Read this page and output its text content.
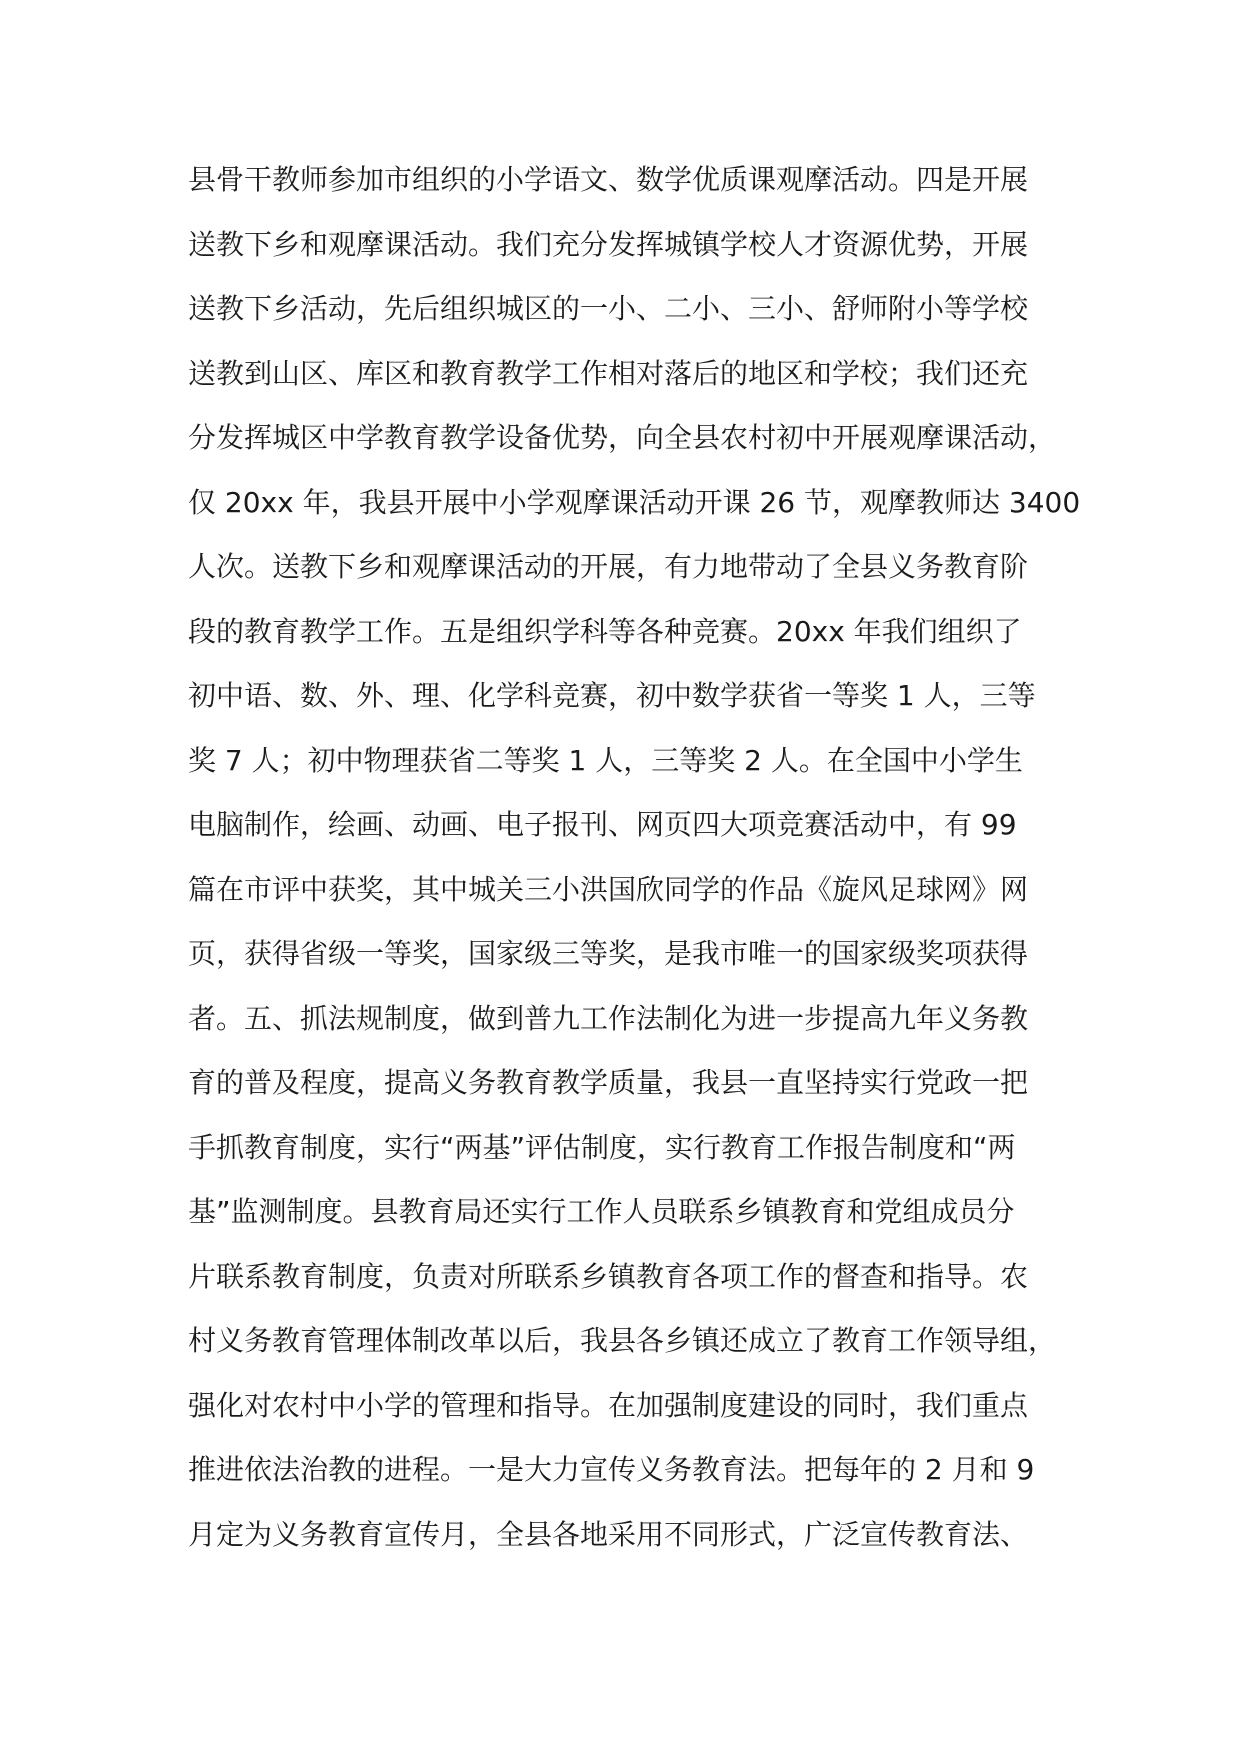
县骨干教师参加市组织的小学语文、数学优质课观摩活动。四是开展
送教下乡和观摩课活动。我们充分发挥城镇学校人才资源优势，开展
送教下乡活动，先后组织城区的一小、二小、三小、舒师附小等学校
送教到山区、库区和教育教学工作相对落后的地区和学校；我们还充
分发挥城区中学教育教学设备优势，向全县农村初中开展观摩课活动，
仅 20xx 年，我县开展中小学观摩课活动开课 26 节，观摩教师达 3400
人次。送教下乡和观摩课活动的开展，有力地带动了全县义务教育阶
段的教育教学工作。五是组织学科等各种竞赛。20xx 年我们组织了
初中语、数、外、理、化学科竞赛，初中数学获省一等奖 1 人，三等
奖 7 人；初中物理获省二等奖 1 人，三等奖 2 人。在全国中小学生
电脑制作，绘画、动画、电子报刊、网页四大项竞赛活动中，有 99
篇在市评中获奖，其中城关三小洪国欣同学的作品《旋风足球网》网
页，获得省级一等奖，国家级三等奖，是我市唯一的国家级奖项获得
者。五、抓法规制度，做到普九工作法制化为进一步提高九年义务教
育的普及程度，提高义务教育教学质量，我县一直坚持实行党政一把
手抓教育制度，实行“两基”评估制度，实行教育工作报告制度和“两
基”监测制度。县教育局还实行工作人员联系乡镇教育和党组成员分
片联系教育制度，负责对所联系乡镇教育各项工作的督查和指导。农
村义务教育管理体制改革以后，我县各乡镇还成立了教育工作领导组，
强化对农村中小学的管理和指导。在加强制度建设的同时，我们重点
推进依法治教的进程。一是大力宣传义务教育法。把每年的 2 月和 9
月定为义务教育宣传月，全县各地采用不同形式，广泛宣传教育法、
